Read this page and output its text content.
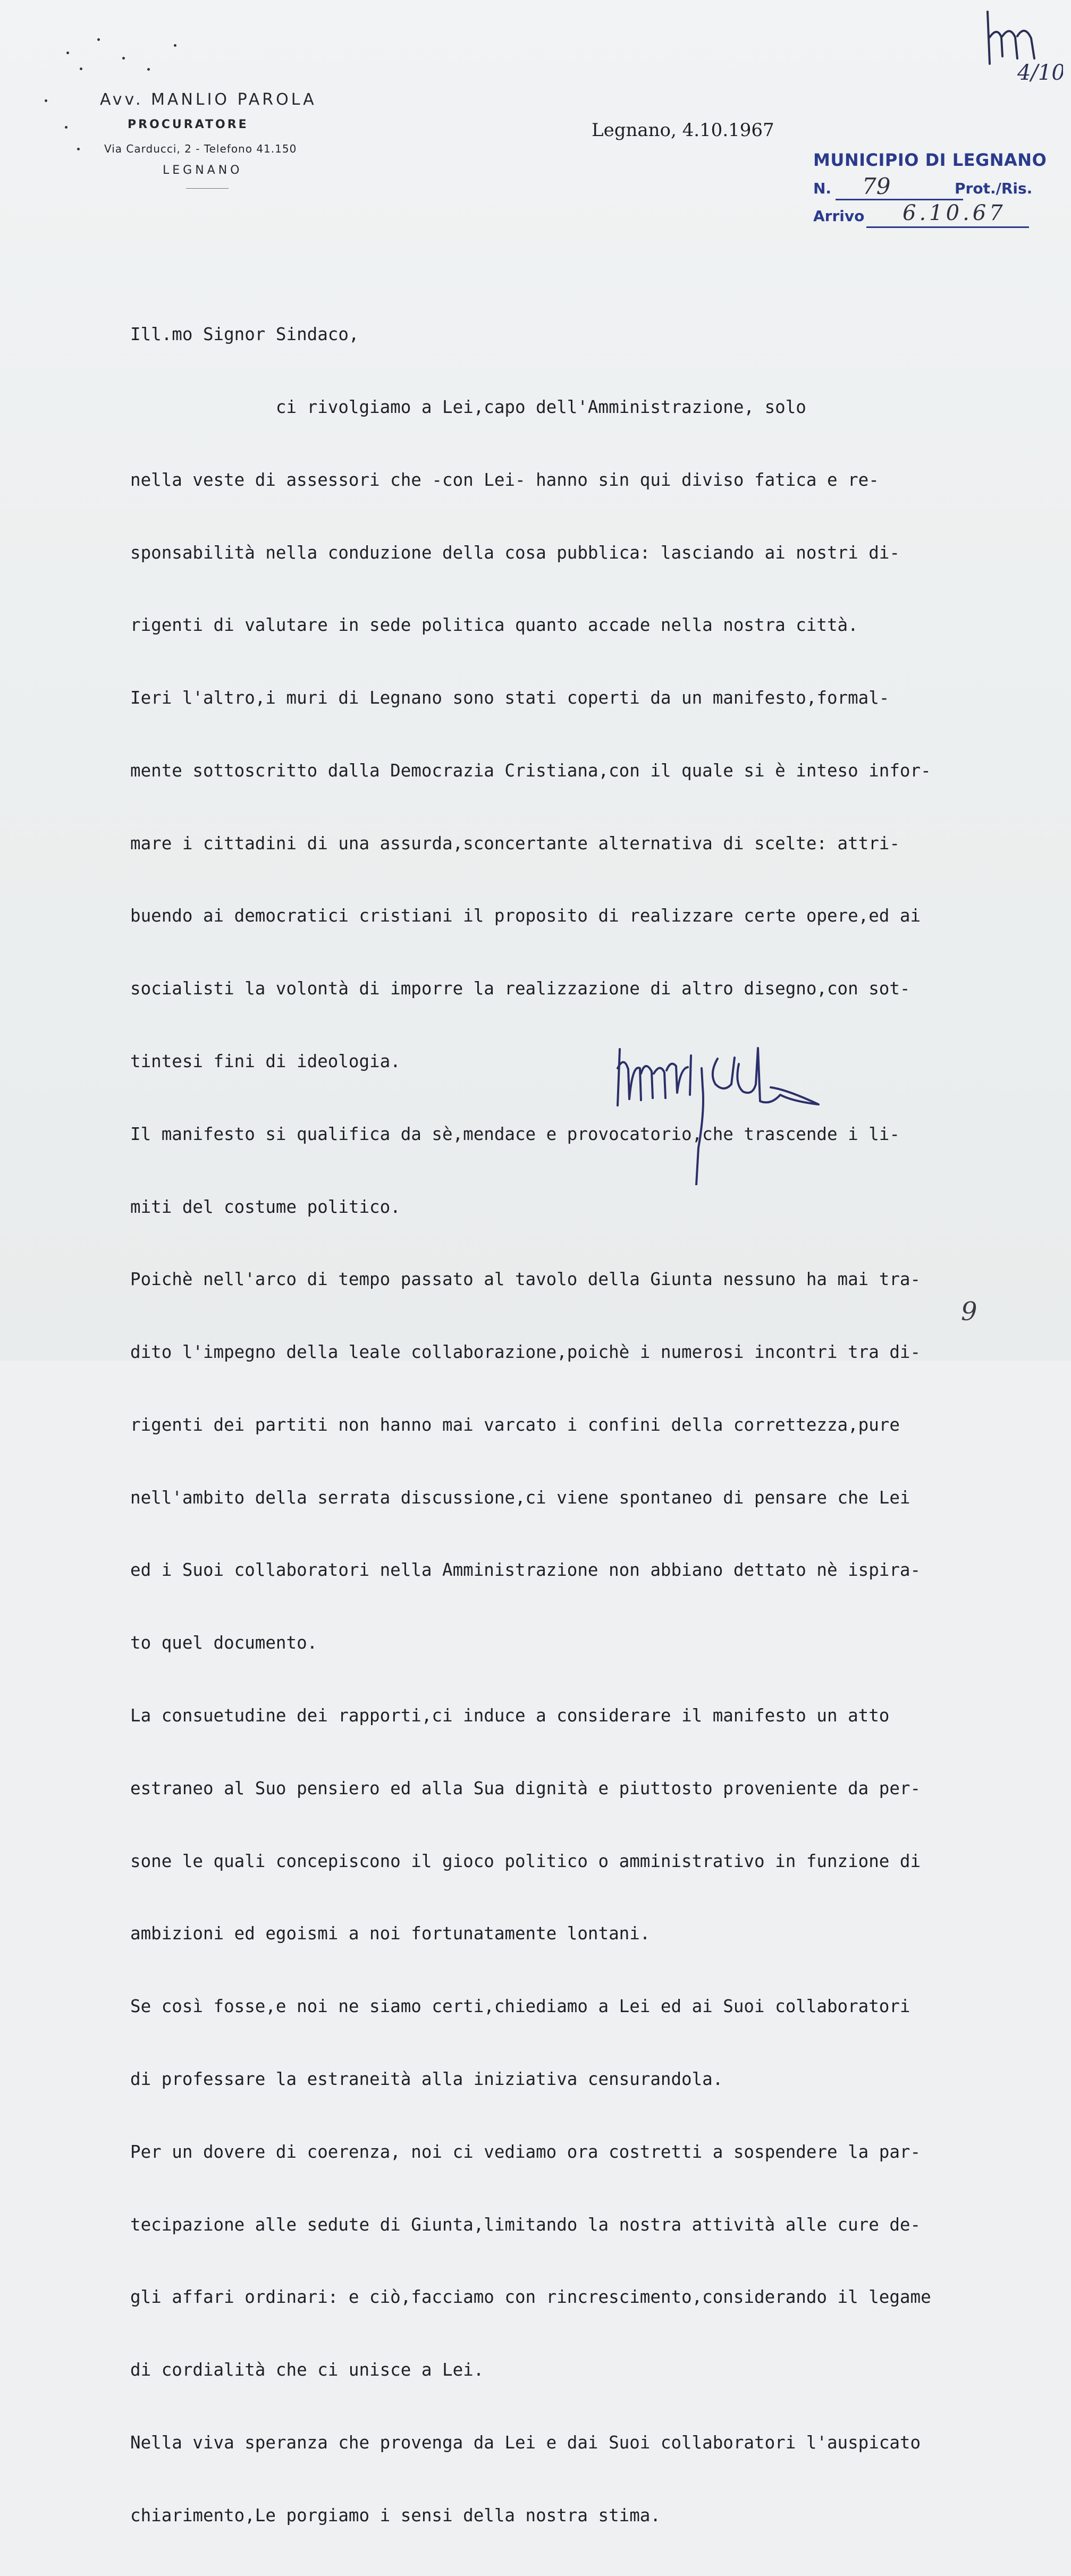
Avv. MANLIO PAROLA
PROCURATORE
Via Carducci, 2 - Telefono 41.150
LEGNANO
Legnano, 4.10.1967
MUNICIPIO DI LEGNANO
N. 79	Prot./Ris.
Arrivo 6.10.67
4/10

Ill.mo Signor Sindaco,

ci rivolgiamo a Lei,capo dell'Amministrazione, solo

nella veste di assessori che -con Lei- hanno sin qui diviso fatica e re-

sponsabilità nella conduzione della cosa pubblica: lasciando ai nostri di-

rigenti di valutare in sede politica quanto accade nella nostra città.

Ieri l'altro,i muri di Legnano sono stati coperti da un manifesto,formal-

mente sottoscritto dalla Democrazia Cristiana,con il quale si è inteso infor-

mare i cittadini di una assurda,sconcertante alternativa di scelte: attri-

buendo ai democratici cristiani il proposito di realizzare certe opere,ed ai

socialisti la volontà di imporre la realizzazione di altro disegno,con sot-

tintesi fini di ideologia.

Il manifesto si qualifica da sè,mendace e provocatorio,che trascende i li-

miti del costume politico.

Poichè nell'arco di tempo passato al tavolo della Giunta nessuno ha mai tra-

dito l'impegno della leale collaborazione,poichè i numerosi incontri tra di-

rigenti dei partiti non hanno mai varcato i confini della correttezza,pure

nell'ambito della serrata discussione,ci viene spontaneo di pensare che Lei

ed i Suoi collaboratori nella Amministrazione non abbiano dettato nè ispira-

to quel documento.

La consuetudine dei rapporti,ci induce a considerare il manifesto un atto

estraneo al Suo pensiero ed alla Sua dignità e piuttosto proveniente da per-

sone le quali concepiscono il gioco politico o amministrativo in funzione di

ambizioni ed egoismi a noi fortunatamente lontani.

Se così fosse,e noi ne siamo certi,chiediamo a Lei ed ai Suoi collaboratori

di professare la estraneità alla iniziativa censurandola.

Per un dovere di coerenza, noi ci vediamo ora costretti a sospendere la par-

tecipazione alle sedute di Giunta,limitando la nostra attività alle cure de-

gli affari ordinari: e ciò,facciamo con rincrescimento,considerando il legame

di cordialità che ci unisce a Lei.

Nella viva speranza che provenga da Lei e dai Suoi collaboratori l'auspicato

chiarimento,Le porgiamo i sensi della nostra stima.

9
